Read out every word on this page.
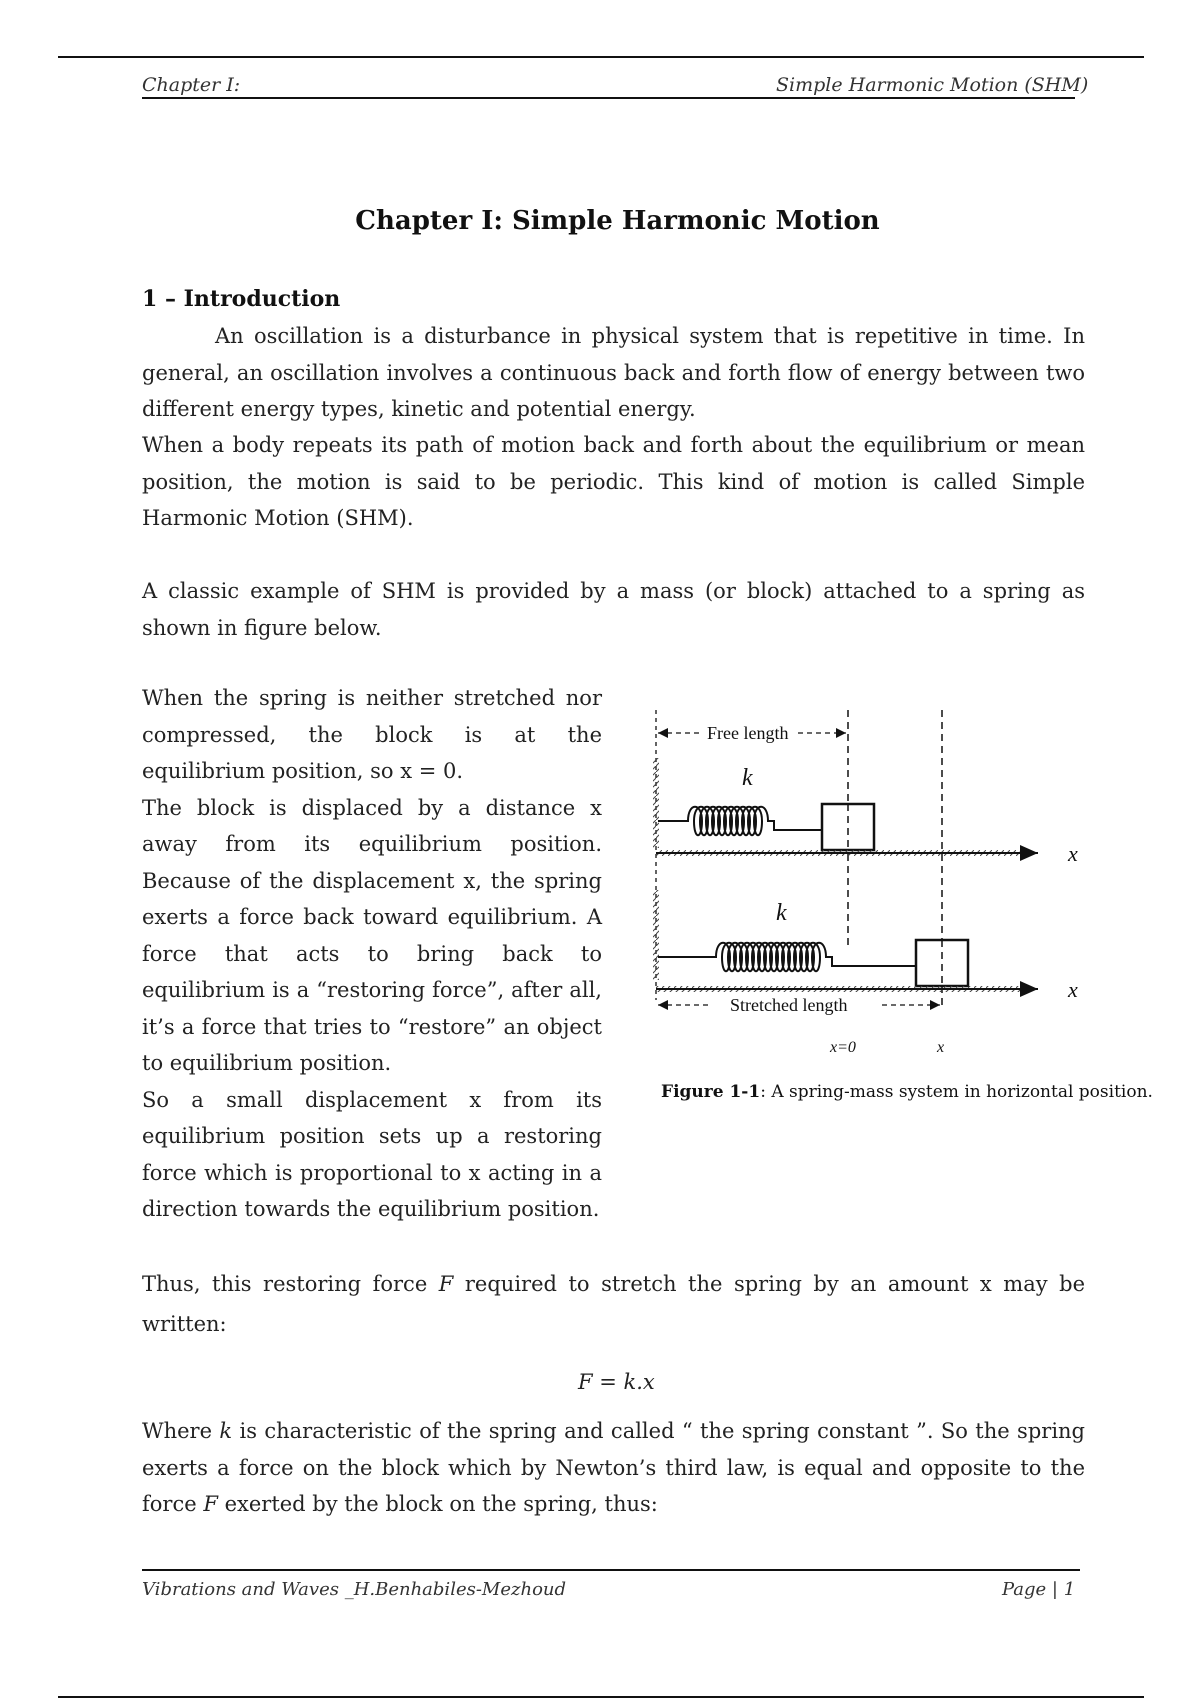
Chapter I:	Simple Harmonic Motion (SHM)
Chapter I: Simple Harmonic Motion
1 – Introduction

An oscillation is a disturbance in physical system that is repetitive in time. In general, an oscillation involves a continuous back and forth flow of energy between two different energy types, kinetic and potential energy.

When a body repeats its path of motion back and forth about the equilibrium or mean position, the motion is said to be periodic. This kind of motion is called Simple Harmonic Motion (SHM).

A classic example of SHM is provided by a mass (or block) attached to a spring as shown in figure below.

When the spring is neither stretched nor compressed, the block is at the equilibrium position, so x = 0.
The block is displaced by a distance x away from its equilibrium position. Because of the displacement x, the spring exerts a force back toward equilibrium. A force that acts to bring back to equilibrium is a “restoring force”, after all, it’s a force that tries to “restore” an object to equilibrium position.
So a small displacement x from its equilibrium position sets up a restoring force which is proportional to x acting in a direction towards the equilibrium position.
Free length
k
x
k
x
Stretched length
x=0	x
Figure 1-1: A spring-mass system in horizontal position.

Thus, this restoring force F required to stretch the spring by an amount x may be written:

F = k.x

Where k is characteristic of the spring and called “ the spring constant ”. So the spring exerts a force on the block which by Newton’s third law, is equal and opposite to the force F exerted by the block on the spring, thus:

Vibrations and Waves _H.Benhabiles-Mezhoud	Page | 1
